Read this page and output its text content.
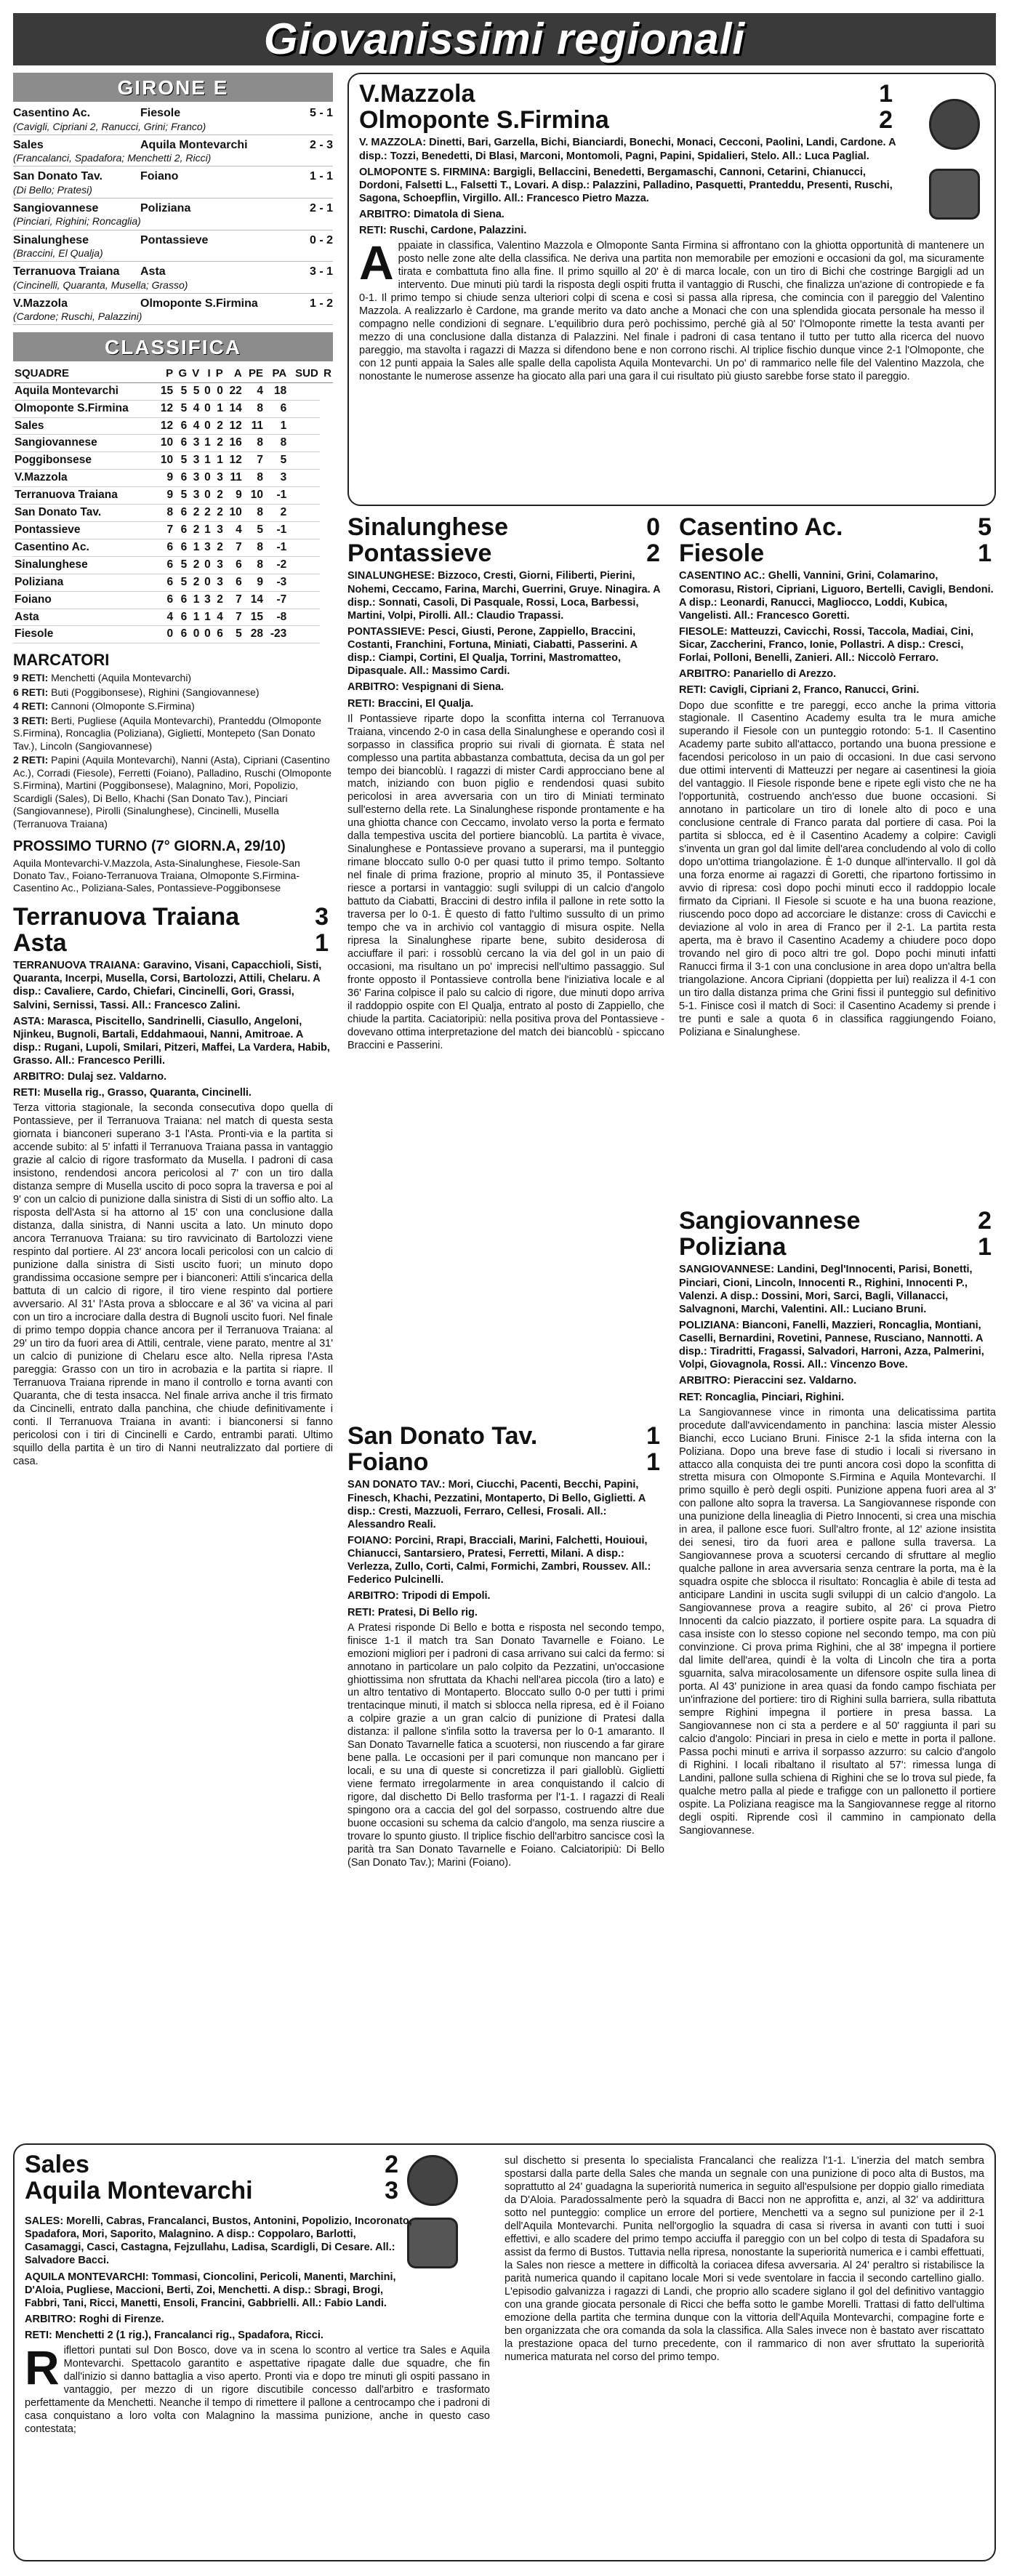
Giovanissimi regionali
GIRONE E
Casentino Ac.	Fiesole	5 - 1
(Cavigli, Cipriani 2, Ranucci, Grini; Franco)
Sales	Aquila Montevarchi	2 - 3
(Francalanci, Spadafora; Menchetti 2, Ricci)
San Donato Tav.	Foiano	1 - 1
(Di Bello; Pratesi)
Sangiovannese	Poliziana	2 - 1
(Pinciari, Righini; Roncaglia)
Sinalunghese	Pontassieve	0 - 2
(Braccini, El Qualja)
Terranuova Traiana	Asta	3 - 1
(Cincinelli, Quaranta, Musella; Grasso)
V.Mazzola	Olmoponte S.Firmina	1 - 2
(Cardone; Ruschi, Palazzini)
CLASSIFICA
SQUADRE	P	G	V	I	P	A	PE	PA	SUD	R
Aquila Montevarchi	15	5	5	0	0	22	4	18		
Olmoponte S.Firmina	12	5	4	0	1	14	8	6		
Sales	12	6	4	0	2	12	11	1		
Sangiovannese	10	6	3	1	2	16	8	8		
Poggibonsese	10	5	3	1	1	12	7	5		
V.Mazzola	9	6	3	0	3	11	8	3		
Terranuova Traiana	9	5	3	0	2	9	10	-1		
San Donato Tav.	8	6	2	2	2	10	8	2		
Pontassieve	7	6	2	1	3	4	5	-1		
Casentino Ac.	6	6	1	3	2	7	8	-1		
Sinalunghese	6	5	2	0	3	6	8	-2		
Poliziana	6	5	2	0	3	6	9	-3		
Foiano	6	6	1	3	2	7	14	-7		
Asta	4	6	1	1	4	7	15	-8		
Fiesole	0	6	0	0	6	5	28	-23		
MARCATORI
9 RETI: Menchetti (Aquila Montevarchi)
6 RETI: Buti (Poggibonsese), Righini (Sangiovannese)
4 RETI: Cannoni (Olmoponte S.Firmina)
3 RETI: Berti, Pugliese (Aquila Montevarchi), Pranteddu (Olmoponte S.Firmina), Roncaglia (Poliziana), Giglietti, Montepeto (San Donato Tav.), Lincoln (Sangiovannese)
2 RETI: Papini (Aquila Montevarchi), Nanni (Asta), Cipriani (Casentino Ac.), Corradi (Fiesole), Ferretti (Foiano), Palladino, Ruschi (Olmoponte S.Firmina), Martini (Poggibonsese), Malagnino, Mori, Popolizio, Scardigli (Sales), Di Bello, Khachi (San Donato Tav.), Pinciari (Sangiovannese), Pirolli (Sinalunghese), Cincinelli, Musella (Terranuova Traiana)
PROSSIMO TURNO (7° GIORN.A, 29/10)
Aquila Montevarchi-V.Mazzola, Asta-Sinalunghese, Fiesole-San Donato Tav., Foiano-Terranuova Traiana, Olmoponte S.Firmina-Casentino Ac., Poliziana-Sales, Pontassieve-Poggibonsese
Terranuova Traiana	3
Asta	1
TERRANUOVA TRAIANA: Garavino, Visani, Capacchioli, Sisti, Quaranta, Incerpi, Musella, Corsi, Bartolozzi, Attili, Chelaru. A disp.: Cavaliere, Cardo, Chiefari, Cincinelli, Gori, Grassi, Salvini, Sernissi, Tassi. All.: Francesco Zalini.
ASTA: Marasca, Piscitello, Sandrinelli, Ciasullo, Angeloni, Njinkeu, Bugnoli, Bartali, Eddahmaoui, Nanni, Amitroae. A disp.: Rugani, Lupoli, Smilari, Pitzeri, Maffei, La Vardera, Habib, Grasso. All.: Francesco Perilli.
ARBITRO: Dulaj sez. Valdarno.
RETI: Musella rig., Grasso, Quaranta, Cincinelli.
Terza vittoria stagionale, la seconda consecutiva dopo quella di Pontassieve, per il Terranuova Traiana: nel match di questa sesta giornata i bianconeri superano 3-1 l'Asta. Pronti-via e la partita si accende subito: al 5' infatti il Terranuova Traiana passa in vantaggio grazie al calcio di rigore trasformato da Musella. I padroni di casa insistono, rendendosi ancora pericolosi al 7' con un tiro dalla distanza sempre di Musella uscito di poco sopra la traversa e poi al 9' con un calcio di punizione dalla sinistra di Sisti di un soffio alto. La risposta dell'Asta si ha attorno al 15' con una conclusione dalla distanza, dalla sinistra, di Nanni uscita a lato. Un minuto dopo ancora Terranuova Traiana: su tiro ravvicinato di Bartolozzi viene respinto dal portiere. Al 23' ancora locali pericolosi con un calcio di punizione dalla sinistra di Sisti uscito fuori; un minuto dopo grandissima occasione sempre per i bianconeri: Attili s'incarica della battuta di un calcio di rigore, il tiro viene respinto dal portiere avversario. Al 31' l'Asta prova a sbloccare e al 36' va vicina al pari con un tiro a incrociare dalla destra di Bugnoli uscito fuori. Nel finale di primo tempo doppia chance ancora per il Terranuova Traiana: al 29' un tiro da fuori area di Attili, centrale, viene parato, mentre al 31' un calcio di punizione di Chelaru esce alto. Nella ripresa l'Asta pareggia: Grasso con un tiro in acrobazia e la partita si riapre. Il Terranuova Traiana riprende in mano il controllo e torna avanti con Quaranta, che di testa insacca. Nel finale arriva anche il tris firmato da Cincinelli, entrato dalla panchina, che chiude definitivamente i conti. Il Terranuova Traiana in avanti: i bianconersi si fanno pericolosi con i tiri di Cincinelli e Cardo, entrambi parati. Ultimo squillo della partita è un tiro di Nanni neutralizzato dal portiere di casa.
V.Mazzola	1
Olmoponte S.Firmina	2
V. MAZZOLA: Dinetti, Bari, Garzella, Bichi, Bianciardi, Bonechi, Monaci, Cecconi, Paolini, Landi, Cardone. A disp.: Tozzi, Benedetti, Di Blasi, Marconi, Montomoli, Pagni, Papini, Spidalieri, Stelo. All.: Luca Paglial.
OLMOPONTE S. FIRMINA: Bargigli, Bellaccini, Benedetti, Bergamaschi, Cannoni, Cetarini, Chianucci, Dordoni, Falsetti L., Falsetti T., Lovari. A disp.: Palazzini, Palladino, Pasquetti, Pranteddu, Presenti, Ruschi, Sagona, Schoepflin, Virgillo. All.: Francesco Pietro Mazza.
ARBITRO: Dimatola di Siena.
RETI: Ruschi, Cardone, Palazzini.
Appaiate in classifica, Valentino Mazzola e Olmoponte Santa Firmina si affrontano con la ghiotta opportunità di mantenere un posto nelle zone alte della classifica. Ne deriva una partita non memorabile per emozioni e occasioni da gol, ma sicuramente tirata e combattuta fino alla fine. Il primo squillo al 20' è di marca locale, con un tiro di Bichi che costringe Bargigli ad un intervento. Due minuti più tardi la risposta degli ospiti frutta il vantaggio di Ruschi, che finalizza un'azione di contropiede e fa 0-1. Il primo tempo si chiude senza ulteriori colpi di scena e così si passa alla ripresa, che comincia con il pareggio del Valentino Mazzola. A realizzarlo è Cardone, ma grande merito va dato anche a Monaci che con una splendida giocata personale ha messo il compagno nelle condizioni di segnare. L'equilibrio dura però pochissimo, perché già al 50' l'Olmoponte rimette la testa avanti per mezzo di una conclusione dalla distanza di Palazzini. Nel finale i padroni di casa tentano il tutto per tutto alla ricerca del nuovo pareggio, ma stavolta i ragazzi di Mazza si difendono bene e non corrono rischi. Al triplice fischio dunque vince 2-1 l'Olmoponte, che con 12 punti appaia la Sales alle spalle della capolista Aquila Montevarchi. Un po' di rammarico nelle file del Valentino Mazzola, che nonostante le numerose assenze ha giocato alla pari una gara il cui risultato più giusto sarebbe forse stato il pareggio.
Sinalunghese	0
Pontassieve	2
SINALUNGHESE: Bizzoco, Cresti, Giorni, Filiberti, Pierini, Nohemi, Ceccamo, Farina, Marchi, Guerrini, Gruye. Ninagira. A disp.: Sonnati, Casoli, Di Pasquale, Rossi, Loca, Barbessi, Martini, Volpi, Pirolli. All.: Claudio Trapassi.
PONTASSIEVE: Pesci, Giusti, Perone, Zappiello, Braccini, Costanti, Franchini, Fortuna, Miniati, Ciabatti, Passerini. A disp.: Ciampi, Cortini, El Qualja, Torrini, Mastromatteo, Dipasquale. All.: Massimo Cardi.
ARBITRO: Vespignani di Siena.
RETI: Braccini, El Qualja.
Il Pontassieve riparte dopo la sconfitta interna col Terranuova Traiana, vincendo 2-0 in casa della Sinalunghese e operando così il sorpasso in classifica proprio sui rivali di giornata. È stata nel complesso una partita abbastanza combattuta, decisa da un gol per tempo dei biancoblù. I ragazzi di mister Cardi approcciano bene al match, iniziando con buon piglio e rendendosi quasi subito pericolosi in area avversaria con un tiro di Miniati terminato sull'esterno della rete. La Sinalunghese risponde prontamente e ha una ghiotta chance con Ceccamo, involato verso la porta e fermato dalla tempestiva uscita del portiere biancoblù. La partita è vivace, Sinalunghese e Pontassieve provano a superarsi, ma il punteggio rimane bloccato sullo 0-0 per quasi tutto il primo tempo. Soltanto nel finale di prima frazione, proprio al minuto 35, il Pontassieve riesce a portarsi in vantaggio: sugli sviluppi di un calcio d'angolo battuto da Ciabatti, Braccini di destro infila il pallone in rete sotto la traversa per lo 0-1. È questo di fatto l'ultimo sussulto di un primo tempo che va in archivio col vantaggio di misura ospite. Nella ripresa la Sinalunghese riparte bene, subito desiderosa di acciuffare il pari: i rossoblù cercano la via del gol in un paio di occasioni, ma risultano un po' imprecisi nell'ultimo passaggio. Sul fronte opposto il Pontassieve controlla bene l'iniziativa locale e al 36' Farina colpisce il palo su calcio di rigore, due minuti dopo arriva il raddoppio ospite con El Qualja, entrato al posto di Zappiello, che chiude la partita. Caciatoripiù: nella positiva prova del Pontassieve - dovevano ottima interpretazione del match dei biancoblù - spiccano Braccini e Passerini.
San Donato Tav.	1
Foiano	1
SAN DONATO TAV.: Mori, Ciucchi, Pacenti, Becchi, Papini, Finesch, Khachi, Pezzatini, Montaperto, Di Bello, Giglietti. A disp.: Cresti, Mazzuoli, Ferraro, Cellesi, Frosali. All.: Alessandro Reali.
FOIANO: Porcini, Rrapi, Bracciali, Marini, Falchetti, Houioui, Chianucci, Santarsiero, Pratesi, Ferretti, Milani. A disp.: Verlezza, Zullo, Corti, Calmi, Formichi, Zambri, Roussev. All.: Federico Pulcinelli.
ARBITRO: Tripodi di Empoli.
RETI: Pratesi, Di Bello rig.
A Pratesi risponde Di Bello e botta e risposta nel secondo tempo, finisce 1-1 il match tra San Donato Tavarnelle e Foiano. Le emozioni migliori per i padroni di casa arrivano sui calci da fermo: si annotano in particolare un palo colpito da Pezzatini, un'occasione ghiottissima non sfruttata da Khachi nell'area piccola (tiro a lato) e un altro tentativo di Montaperto. Bloccato sullo 0-0 per tutti i primi trentacinque minuti, il match si sblocca nella ripresa, ed è il Foiano a colpire grazie a un gran calcio di punizione di Pratesi dalla distanza: il pallone s'infila sotto la traversa per lo 0-1 amaranto. Il San Donato Tavarnelle fatica a scuotersi, non riuscendo a far girare bene palla. Le occasioni per il pari comunque non mancano per i locali, e su una di queste si concretizza il pari gialloblù. Giglietti viene fermato irregolarmente in area conquistando il calcio di rigore, dal dischetto Di Bello trasforma per l'1-1. I ragazzi di Reali spingono ora a caccia del gol del sorpasso, costruendo altre due buone occasioni su schema da calcio d'angolo, ma senza riuscire a trovare lo spunto giusto. Il triplice fischio dell'arbitro sancisce così la parità tra San Donato Tavarnelle e Foiano. Calciatoripiù: Di Bello (San Donato Tav.); Marini (Foiano).
Casentino Ac.	5
Fiesole	1
CASENTINO AC.: Ghelli, Vannini, Grini, Colamarino, Comorasu, Ristori, Cipriani, Liguoro, Bertelli, Cavigli, Bendoni. A disp.: Leonardi, Ranucci, Magliocco, Loddi, Kubica, Vangelisti. All.: Francesco Goretti.
FIESOLE: Matteuzzi, Cavicchi, Rossi, Taccola, Madiai, Cini, Sicar, Zaccherini, Franco, Ionie, Pollastri. A disp.: Cresci, Forlai, Polloni, Benelli, Zanieri. All.: Niccolò Ferraro.
ARBITRO: Panariello di Arezzo.
RETI: Cavigli, Cipriani 2, Franco, Ranucci, Grini.
Dopo due sconfitte e tre pareggi, ecco anche la prima vittoria stagionale. Il Casentino Academy esulta tra le mura amiche superando il Fiesole con un punteggio rotondo: 5-1. Il Casentino Academy parte subito all'attacco, portando una buona pressione e facendosi pericoloso in un paio di occasioni. In due casi servono due ottimi interventi di Matteuzzi per negare ai casentinesi la gioia del vantaggio. Il Fiesole risponde bene e ripete egli visto che ne ha l'opportunità, costruendo anch'esso due buone occasioni. Si annotano in particolare un tiro di Ionele alto di poco e una conclusione centrale di Franco parata dal portiere di casa. Poi la partita si sblocca, ed è il Casentino Academy a colpire: Cavigli s'inventa un gran gol dal limite dell'area concludendo al volo di collo dopo un'ottima triangolazione. È 1-0 dunque all'intervallo. Il gol dà una forza enorme ai ragazzi di Goretti, che ripartono fortissimo in avvio di ripresa: così dopo pochi minuti ecco il raddoppio locale firmato da Cipriani. Il Fiesole si scuote e ha una buona reazione, riuscendo poco dopo ad accorciare le distanze: cross di Cavicchi e deviazione al volo in area di Franco per il 2-1. La partita resta aperta, ma è bravo il Casentino Academy a chiudere poco dopo trovando nel giro di poco altri tre gol. Dopo pochi minuti infatti Ranucci firma il 3-1 con una conclusione in area dopo un'altra bella triangolazione. Ancora Cipriani (doppietta per lui) realizza il 4-1 con un tiro dalla distanza prima che Grini fissi il punteggio sul definitivo 5-1. Finisce così il match di Soci: il Casentino Academy si prende i tre punti e sale a quota 6 in classifica raggiungendo Foiano, Poliziana e Sinalunghese.
Sangiovannese	2
Poliziana	1
SANGIOVANNESE: Landini, Degl'Innocenti, Parisi, Bonetti, Pinciari, Cioni, Lincoln, Innocenti R., Righini, Innocenti P., Valenzi. A disp.: Dossini, Mori, Sarci, Bagli, Villanacci, Salvagnoni, Marchi, Valentini. All.: Luciano Bruni.
POLIZIANA: Bianconi, Fanelli, Mazzieri, Roncaglia, Montiani, Caselli, Bernardini, Rovetini, Pannese, Rusciano, Nannotti. A disp.: Tiradritti, Fragassi, Salvadori, Harroni, Azza, Palmerini, Volpi, Giovagnola, Rossi. All.: Vincenzo Bove.
ARBITRO: Pieraccini sez. Valdarno.
RET: Roncaglia, Pinciari, Righini.
La Sangiovannese vince in rimonta una delicatissima partita procedute dall'avvicendamento in panchina: lascia mister Alessio Bianchi, ecco Luciano Bruni. Finisce 2-1 la sfida interna con la Poliziana. Dopo una breve fase di studio i locali si riversano in attacco alla conquista dei tre punti ancora così dopo la sconfitta di stretta misura con Olmoponte S.Firmina e Aquila Montevarchi. Il primo squillo è però degli ospiti. Punizione appena fuori area al 3' con pallone alto sopra la traversa. La Sangiovannese risponde con una punizione della lineaglia di Pietro Innocenti, si crea una mischia in area, il pallone esce fuori. Sull'altro fronte, al 12' azione insistita dei senesi, tiro da fuori area e pallone sulla traversa. La Sangiovannese prova a scuotersi cercando di sfruttare al meglio qualche pallone in area avversaria senza centrare la porta, ma è la squadra ospite che sblocca il risultato: Roncaglia è abile di testa ad anticipare Landini in uscita sugli sviluppi di un calcio d'angolo. La Sangiovannese prova a reagire subito, al 26' ci prova Pietro Innocenti da calcio piazzato, il portiere ospite para. La squadra di casa insiste con lo stesso copione nel secondo tempo, ma con più convinzione. Ci prova prima Righini, che al 38' impegna il portiere dal limite dell'area, quindi è la volta di Lincoln che tira a porta sguarnita, salva miracolosamente un difensore ospite sulla linea di porta. Al 43' punizione in area quasi da fondo campo fischiata per un'infrazione del portiere: tiro di Righini sulla barriera, sulla ribattuta sempre Righini impegna il portiere in presa bassa. La Sangiovannese non ci sta a perdere e al 50' raggiunta il pari su calcio d'angolo: Pinciari in presa in cielo e mette in porta il pallone. Passa pochi minuti e arriva il sorpasso azzurro: su calcio d'angolo di Righini. I locali ribaltano il risultato al 57': rimessa lunga di Landini, pallone sulla schiena di Righini che se lo trova sul piede, fa qualche metro palla al piede e trafigge con un pallonetto il portiere ospite. La Poliziana reagisce ma la Sangiovannese regge al ritorno degli ospiti. Riprende così il cammino in campionato della Sangiovannese.
Sales	2
Aquila Montevarchi	3
SALES: Morelli, Cabras, Francalanci, Bustos, Antonini, Popolizio, Incoronato, Spadafora, Mori, Saporito, Malagnino. A disp.: Coppolaro, Barlotti, Casamaggi, Casci, Castagna, Fejzullahu, Ladisa, Scardigli, Di Cesare. All.: Salvadore Bacci.
AQUILA MONTEVARCHI: Tommasi, Cioncolini, Pericoli, Manenti, Marchini, D'Aloia, Pugliese, Maccioni, Berti, Zoi, Menchetti. A disp.: Sbragi, Brogi, Fabbri, Tani, Ricci, Manetti, Ensoli, Francini, Gabbrielli. All.: Fabio Landi.
ARBITRO: Roghi di Firenze.
RETI: Menchetti 2 (1 rig.), Francalanci rig., Spadafora, Ricci.
Riflettori puntati sul Don Bosco, dove va in scena lo scontro al vertice tra Sales e Aquila Montevarchi. Spettacolo garantito e aspettative ripagate dalle due squadre, che fin dall'inizio si danno battaglia a viso aperto. Pronti via e dopo tre minuti gli ospiti passano in vantaggio, per mezzo di un rigore discutibile concesso dall'arbitro e trasformato perfettamente da Menchetti. Neanche il tempo di rimettere il pallone a centrocampo che i padroni di casa conquistano a loro volta con Malagnino la massima punizione, anche in questo caso contestata;
sul dischetto si presenta lo specialista Francalanci che realizza l'1-1. L'inerzia del match sembra spostarsi dalla parte della Sales che manda un segnale con una punizione di poco alta di Bustos, ma soprattutto al 24' guadagna la superiorità numerica in seguito all'espulsione per doppio giallo rimediata da D'Aloia. Paradossalmente però la squadra di Bacci non ne approfitta e, anzi, al 32' va addirittura sotto nel punteggio: complice un errore del portiere, Menchetti va a segno sul punizione per il 2-1 dell'Aquila Montevarchi. Punita nell'orgoglio la squadra di casa si riversa in avanti con tutti i suoi effettivi, e allo scadere del primo tempo acciuffa il pareggio con un bel colpo di testa di Spadafora su assist da fermo di Bustos. Tuttavia nella ripresa, nonostante la superiorità numerica e i cambi effettuati, la Sales non riesce a mettere in difficoltà la coriacea difesa avversaria. Al 24' peraltro si ristabilisce la parità numerica quando il capitano locale Mori si vede sventolare in faccia il secondo cartellino giallo. L'episodio galvanizza i ragazzi di Landi, che proprio allo scadere siglano il gol del definitivo vantaggio con una grande giocata personale di Ricci che beffa sotto le gambe Morelli. Trattasi di fatto dell'ultima emozione della partita che termina dunque con la vittoria dell'Aquila Montevarchi, compagine forte e ben organizzata che ora comanda da sola la classifica. Alla Sales invece non è bastato aver riscattato la prestazione opaca del turno precedente, con il rammarico di non aver sfruttato la superiorità numerica maturata nel corso del primo tempo.
